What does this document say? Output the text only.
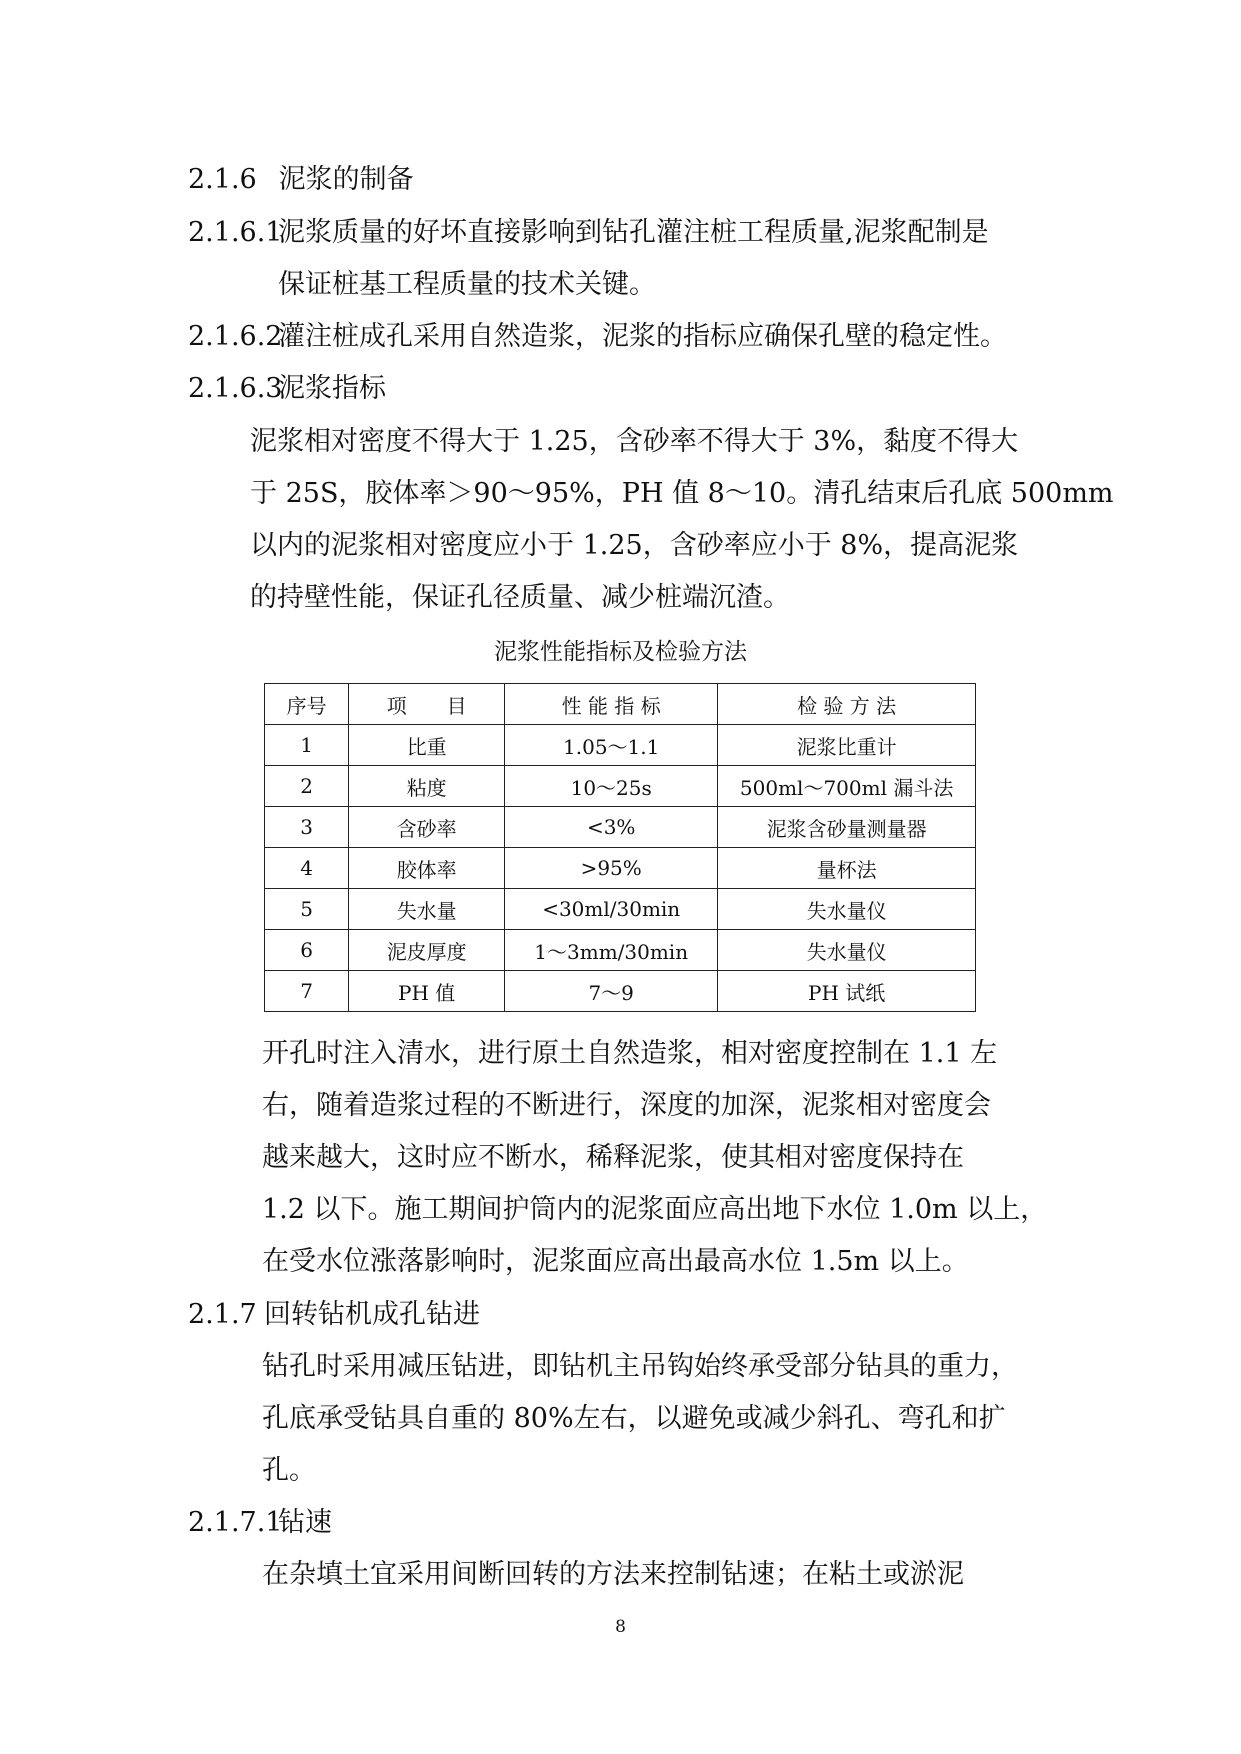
2.1.6 泥浆的制备
2.1.6.1泥浆质量的好坏直接影响到钻孔灌注桩工程质量,泥浆配制是
保证桩基工程质量的技术关键。
2.1.6.2灌注桩成孔采用自然造浆，泥浆的指标应确保孔壁的稳定性。
2.1.6.3泥浆指标
泥浆相对密度不得大于 1.25，含砂率不得大于 3%，黏度不得大
于 25S，胶体率＞90～95%，PH 值 8～10。清孔结束后孔底 500mm
以内的泥浆相对密度应小于 1.25，含砂率应小于 8%，提高泥浆
的持壁性能，保证孔径质量、减少桩端沉渣。
泥浆性能指标及检验方法
序号	项　　目	性 能 指 标	检 验 方 法
1	比重	1.05～1.1	泥浆比重计
2	粘度	10～25s	500ml～700ml 漏斗法
3	含砂率	<3%	泥浆含砂量测量器
4	胶体率	>95%	量杯法
5	失水量	<30ml/30min	失水量仪
6	泥皮厚度	1～3mm/30min	失水量仪
7	PH 值	7～9	PH 试纸
开孔时注入清水，进行原土自然造浆，相对密度控制在 1.1 左
右，随着造浆过程的不断进行，深度的加深，泥浆相对密度会
越来越大，这时应不断水，稀释泥浆，使其相对密度保持在
1.2 以下。施工期间护筒内的泥浆面应高出地下水位 1.0m 以上，
在受水位涨落影响时，泥浆面应高出最高水位 1.5m 以上。
2.1.7 回转钻机成孔钻进
钻孔时采用减压钻进，即钻机主吊钩始终承受部分钻具的重力，
孔底承受钻具自重的 80%左右，以避免或减少斜孔、弯孔和扩
孔。
2.1.7.1钻速
在杂填土宜采用间断回转的方法来控制钻速；在粘土或淤泥
8
